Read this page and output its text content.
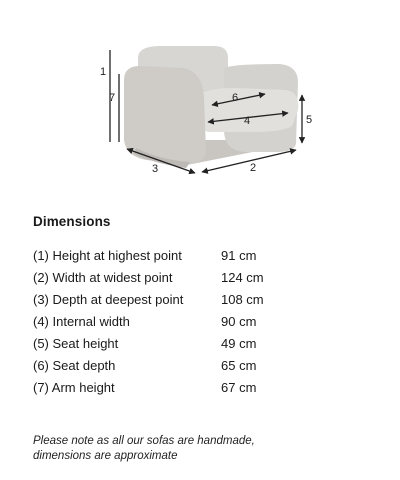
1
7	6
4	5
3	2
Dimensions
(1) Height at highest point	91 cm
(2) Width at widest point	124 cm
(3) Depth at deepest point	108 cm
(4) Internal width	90 cm
(5) Seat height	49 cm
(6) Seat depth	65 cm
(7) Arm height	67 cm
Please note as all our sofas are handmade,
dimensions are approximate
